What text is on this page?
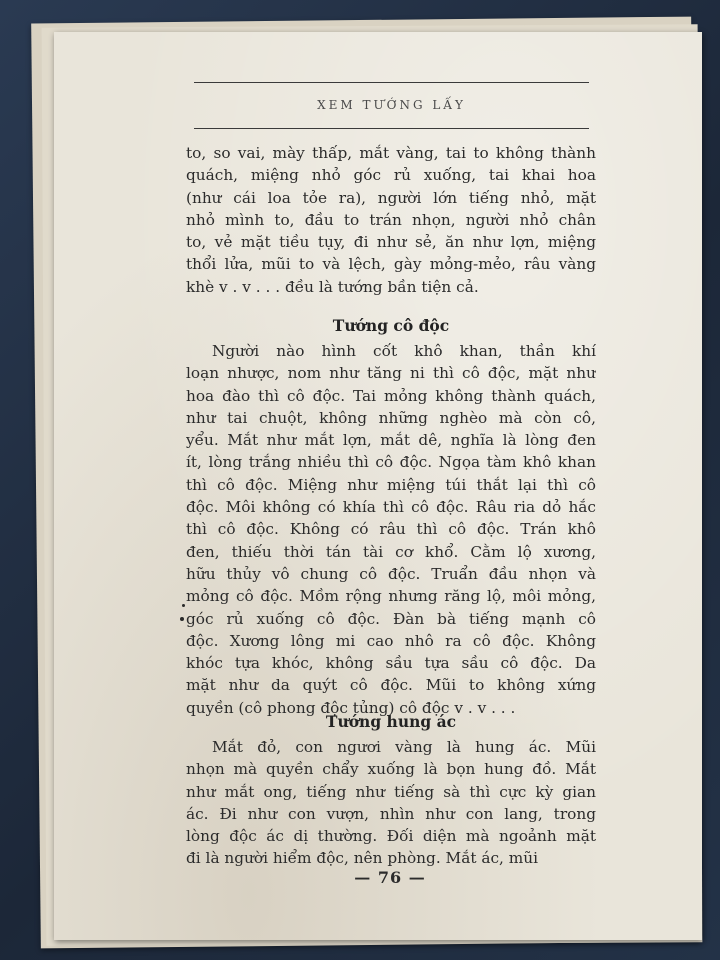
XEM TƯỚNG LẤY
to, so vai, mày thấp, mắt vàng, tai to không thành
quách, miệng nhỏ góc rủ xuống, tai khai hoa
(như cái loa tỏe ra), người lớn tiếng nhỏ, mặt
nhỏ mình to, đầu to trán nhọn, người nhỏ chân
to, vẻ mặt tiều tụy, đi như sẻ, ăn như lợn, miệng
thổi lửa, mũi to và lệch, gày mỏng-mẻo, râu vàng
khè v . v . . . đều là tướng bần tiện cả.
Tướng cô độc
Người nào hình cốt khô khan, thần khí
loạn nhược, nom như tăng ni thì cô độc, mặt như
hoa đào thì cô độc. Tai mỏng không thành quách,
như tai chuột, không những nghèo mà còn cô,
yểu. Mắt như mắt lợn, mắt dê, nghĩa là lòng đen
ít, lòng trắng nhiều thì cô độc. Ngọa tàm khô khan
thì cô độc. Miệng như miệng túi thắt lại thì cô
độc. Môi không có khía thì cô độc. Râu ria dỏ hắc
thì cô độc. Không có râu thì cô độc. Trán khô
đen, thiếu thời tán tài cơ khổ. Cằm lộ xương,
hữu thủy vô chung cô độc. Truẩn đầu nhọn và
mỏng cô độc. Mồm rộng nhưng răng lộ, môi mỏng,
góc rủ xuống cô độc. Đàn bà tiếng mạnh cô
độc. Xương lông mi cao nhô ra cô độc. Không
khóc tựa khóc, không sầu tựa sầu cô độc. Da
mặt như da quýt cô độc. Mũi to không xứng
quyền (cô phong độc tủng) cô độc v . v . . .
Tướng hung ác
Mắt đỏ, con ngươi vàng là hung ác. Mũi
nhọn mà quyền chẩy xuống là bọn hung đồ. Mắt
như mắt ong, tiếng như tiếng sà thì cực kỳ gian
ác. Đi như con vượn, nhìn như con lang, trong
lòng độc ác dị thường. Đối diện mà ngoảnh mặt
đi là người hiểm độc, nên phòng. Mắt ác, mũi
— 76 —
